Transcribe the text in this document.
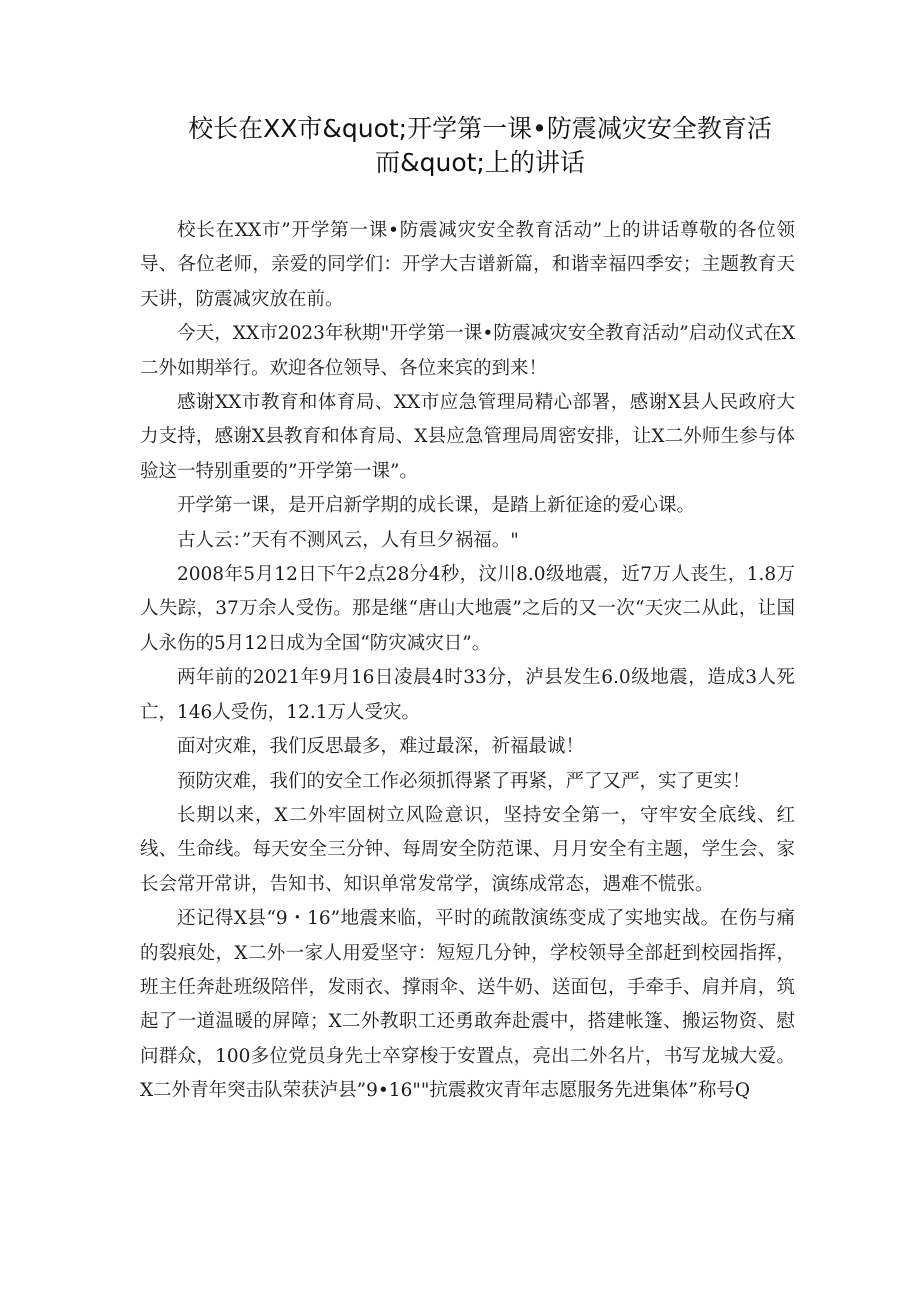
校长在XX市&quot;开学第一课•防震减灾安全教育活
而&quot;上的讲话

校长在XX市”开学第一课•防震减灾安全教育活动”上的讲话尊敬的各位领导、各位老师，亲爱的同学们：开学大吉谱新篇，和谐幸福四季安；主题教育天天讲，防震减灾放在前。

今天，XX市2023年秋期"开学第一课•防震减灾安全教育活动”启动仪式在X二外如期举行。欢迎各位领导、各位来宾的到来！

感谢XX市教育和体育局、XX市应急管理局精心部署，感谢X县人民政府大力支持，感谢X县教育和体育局、X县应急管理局周密安排，让X二外师生参与体验这一特别重要的”开学第一课”。

开学第一课，是开启新学期的成长课，是踏上新征途的爱心课。

古人云：”天有不测风云，人有旦夕祸福。"

2008年5月12日下午2点28分4秒，汶川8.0级地震，近7万人丧生，1.8万人失踪，37万余人受伤。那是继“唐山大地震”之后的又一次“天灾二从此，让国人永伤的5月12日成为全国“防灾减灾日”。

两年前的2021年9月16日凌晨4时33分，泸县发生6.0级地震，造成3人死亡，146人受伤，12.1万人受灾。

面对灾难，我们反思最多，难过最深，祈福最诚！

预防灾难，我们的安全工作必须抓得紧了再紧，严了又严，实了更实！

长期以来，X二外牢固树立风险意识，坚持安全第一，守牢安全底线、红线、生命线。每天安全三分钟、每周安全防范课、月月安全有主题，学生会、家长会常开常讲，告知书、知识单常发常学，演练成常态，遇难不慌张。

还记得X县“9・16”地震来临，平时的疏散演练变成了实地实战。在伤与痛的裂痕处，X二外一家人用爱坚守：短短几分钟，学校领导全部赶到校园指挥，班主任奔赴班级陪伴，发雨衣、撑雨伞、送牛奶、送面包，手牵手、肩并肩，筑起了一道温暖的屏障；X二外教职工还勇敢奔赴震中，搭建帐篷、搬运物资、慰问群众，100多位党员身先士卒穿梭于安置点，亮出二外名片，书写龙城大爱。X二外青年突击队荣获泸县”9•16""抗震救灾青年志愿服务先进集体”称号Q
